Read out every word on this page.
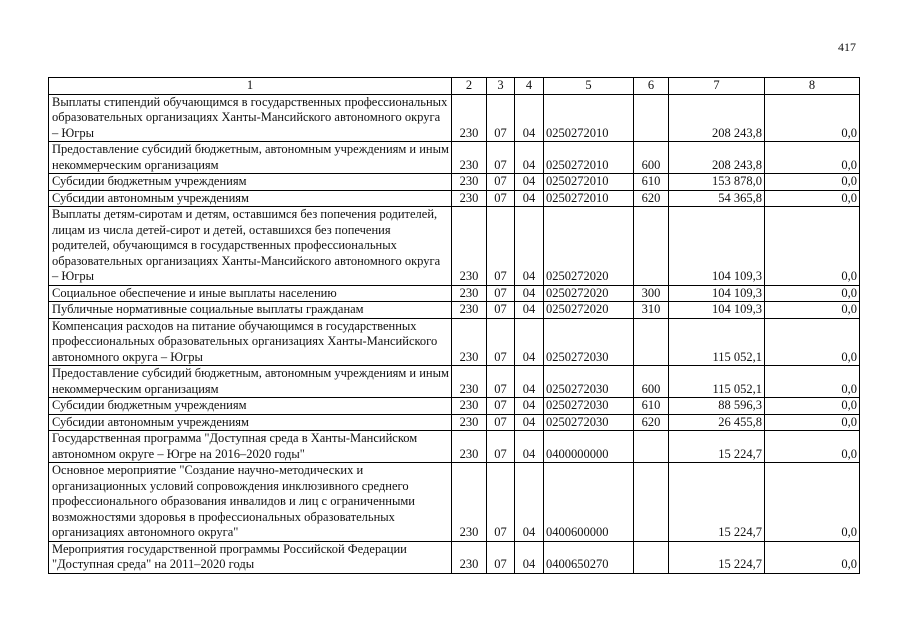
417
1	2	3	4	5	6	7	8
Выплаты стипендий обучающимся в государственных профессиональных образовательных организациях Ханты-Мансийского автономного округа – Югры	230	07	04	0250272010		208 243,8	0,0
Предоставление субсидий бюджетным, автономным учреждениям и иным некоммерческим организациям	230	07	04	0250272010	600	208 243,8	0,0
Субсидии бюджетным учреждениям	230	07	04	0250272010	610	153 878,0	0,0
Субсидии автономным учреждениям	230	07	04	0250272010	620	54 365,8	0,0
Выплаты детям-сиротам и детям, оставшимся без попечения родителей, лицам из числа детей-сирот и детей, оставшихся без попечения родителей, обучающимся в государственных профессиональных образовательных организациях Ханты-Мансийского автономного округа – Югры	230	07	04	0250272020		104 109,3	0,0
Социальное обеспечение и иные выплаты населению	230	07	04	0250272020	300	104 109,3	0,0
Публичные нормативные социальные выплаты гражданам	230	07	04	0250272020	310	104 109,3	0,0
Компенсация расходов на питание обучающимся в государственных профессиональных образовательных организациях Ханты-Мансийского автономного округа – Югры	230	07	04	0250272030		115 052,1	0,0
Предоставление субсидий бюджетным, автономным учреждениям и иным некоммерческим организациям	230	07	04	0250272030	600	115 052,1	0,0
Субсидии бюджетным учреждениям	230	07	04	0250272030	610	88 596,3	0,0
Субсидии автономным учреждениям	230	07	04	0250272030	620	26 455,8	0,0
Государственная программа "Доступная среда в Ханты-Мансийском автономном округе – Югре на 2016–2020 годы"	230	07	04	0400000000		15 224,7	0,0
Основное мероприятие "Создание научно-методических и организационных условий сопровождения инклюзивного среднего профессионального образования инвалидов и лиц с ограниченными возможностями здоровья в профессиональных образовательных организациях автономного округа"	230	07	04	0400600000		15 224,7	0,0
Мероприятия государственной программы Российской Федерации "Доступная среда" на 2011–2020 годы	230	07	04	0400650270		15 224,7	0,0
